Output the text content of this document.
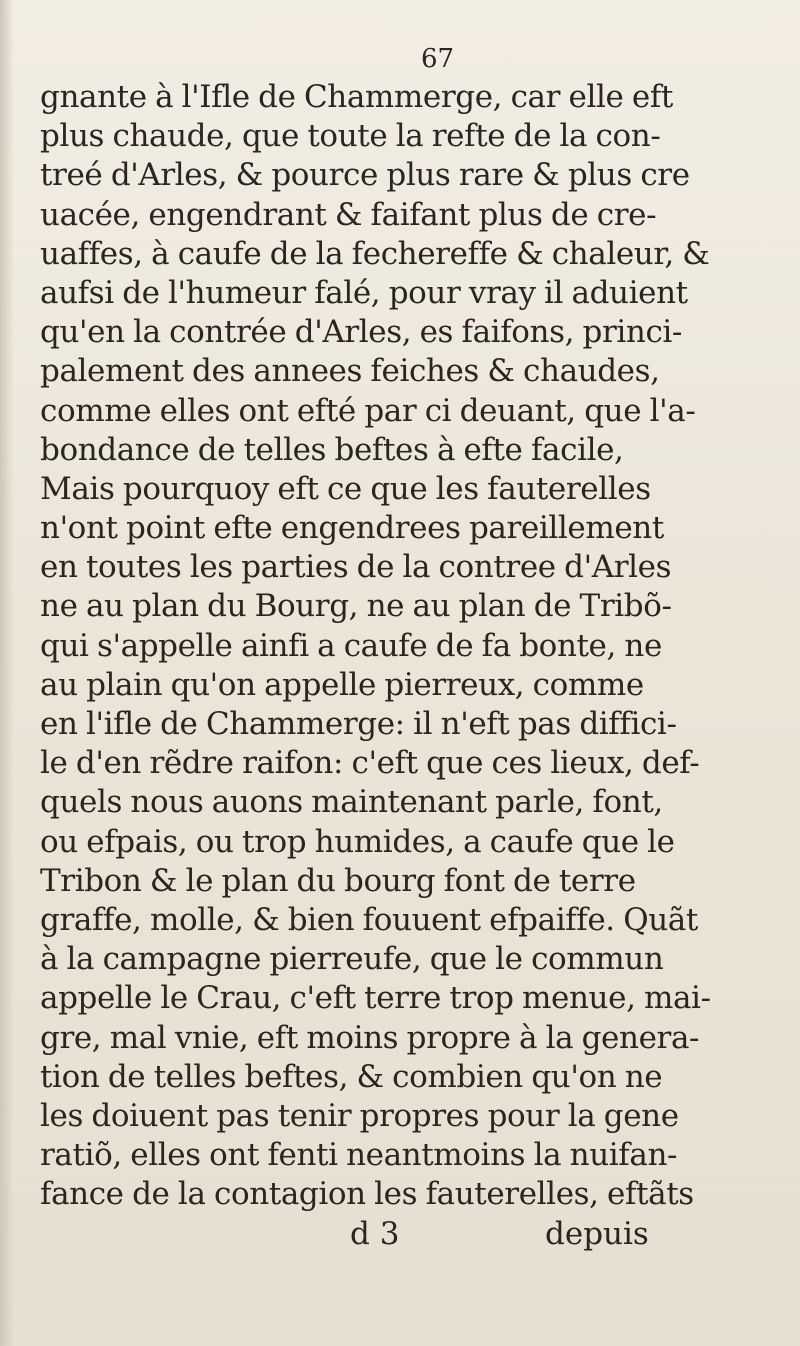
67
gnante à l'Ifle de Chammerge, car elle eft
plus chaude, que toute la refte de la con-
treé d'Arles, & pource plus rare & plus cre
uacée, engendrant & faifant plus de cre-
uaffes, à caufe de la fechereffe & chaleur, &
aufsi de l'humeur falé, pour vray il aduient
qu'en la contrée d'Arles, es faifons, princi-
palement des annees feiches & chaudes,
comme elles ont efté par ci deuant, que l'a-
bondance de telles beftes à efte facile,
Mais pourquoy eft ce que les fauterelles
n'ont point efte engendrees pareillement
en toutes les parties de la contree d'Arles
ne au plan du Bourg, ne au plan de Tribõ-
qui s'appelle ainfi a caufe de fa bonte, ne
au plain qu'on appelle pierreux, comme
en l'ifle de Chammerge: il n'eft pas diffici-
le d'en rẽdre raifon: c'eft que ces lieux, def-
quels nous auons maintenant parle, font,
ou efpais, ou trop humides, a caufe que le
Tribon & le plan du bourg font de terre
graffe, molle, & bien fouuent efpaiffe. Quãt
à la campagne pierreufe, que le commun
appelle le Crau, c'eft terre trop menue, mai-
gre, mal vnie, eft moins propre à la genera-
tion de telles beftes, & combien qu'on ne
les doiuent pas tenir propres pour la gene
ratiõ, elles ont fenti neantmoins la nuifan-
fance de la contagion les fauterelles, eftãts
d 3	depuis
